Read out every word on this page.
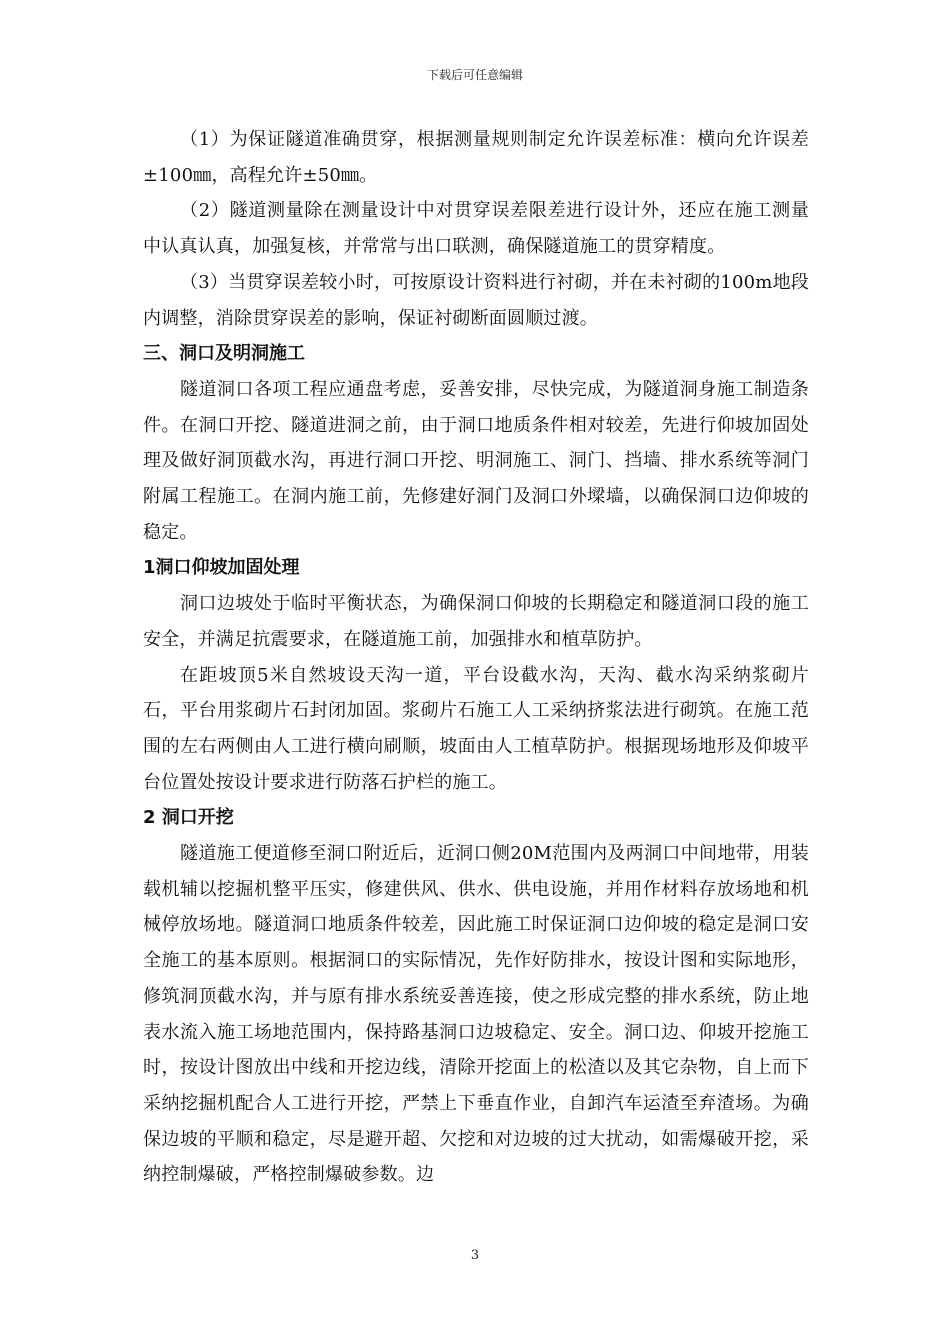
下载后可任意编辑

（1）为保证隧道准确贯穿，根据测量规则制定允许误差标准：横向允许误差±100㎜，高程允许±50㎜。

（2）隧道测量除在测量设计中对贯穿误差限差进行设计外，还应在施工测量中认真认真，加强复核，并常常与出口联测，确保隧道施工的贯穿精度。

（3）当贯穿误差较小时，可按原设计资料进行衬砌，并在未衬砌的100m地段内调整，消除贯穿误差的影响，保证衬砌断面圆顺过渡。

三、洞口及明洞施工

隧道洞口各项工程应通盘考虑，妥善安排，尽快完成，为隧道洞身施工制造条件。在洞口开挖、隧道进洞之前，由于洞口地质条件相对较差，先进行仰坡加固处理及做好洞顶截水沟，再进行洞口开挖、明洞施工、洞门、挡墙、排水系统等洞门附属工程施工。在洞内施工前，先修建好洞门及洞口外墚墙，以确保洞口边仰坡的稳定。

1洞口仰坡加固处理

洞口边坡处于临时平衡状态，为确保洞口仰坡的长期稳定和隧道洞口段的施工安全，并满足抗震要求，在隧道施工前，加强排水和植草防护。

在距坡顶5米自然坡设天沟一道，平台设截水沟，天沟、截水沟采纳浆砌片石，平台用浆砌片石封闭加固。浆砌片石施工人工采纳挤浆法进行砌筑。在施工范围的左右两侧由人工进行横向刷顺，坡面由人工植草防护。根据现场地形及仰坡平台位置处按设计要求进行防落石护栏的施工。

2 洞口开挖

隧道施工便道修至洞口附近后，近洞口侧20M范围内及两洞口中间地带，用装载机辅以挖掘机整平压实，修建供风、供水、供电设施，并用作材料存放场地和机械停放场地。隧道洞口地质条件较差，因此施工时保证洞口边仰坡的稳定是洞口安全施工的基本原则。根据洞口的实际情况，先作好防排水，按设计图和实际地形，修筑洞顶截水沟，并与原有排水系统妥善连接，使之形成完整的排水系统，防止地表水流入施工场地范围内，保持路基洞口边坡稳定、安全。洞口边、仰坡开挖施工时，按设计图放出中线和开挖边线，清除开挖面上的松渣以及其它杂物，自上而下采纳挖掘机配合人工进行开挖，严禁上下垂直作业，自卸汽车运渣至弃渣场。为确保边坡的平顺和稳定，尽是避开超、欠挖和对边坡的过大扰动，如需爆破开挖，采纳控制爆破，严格控制爆破参数。边

3
